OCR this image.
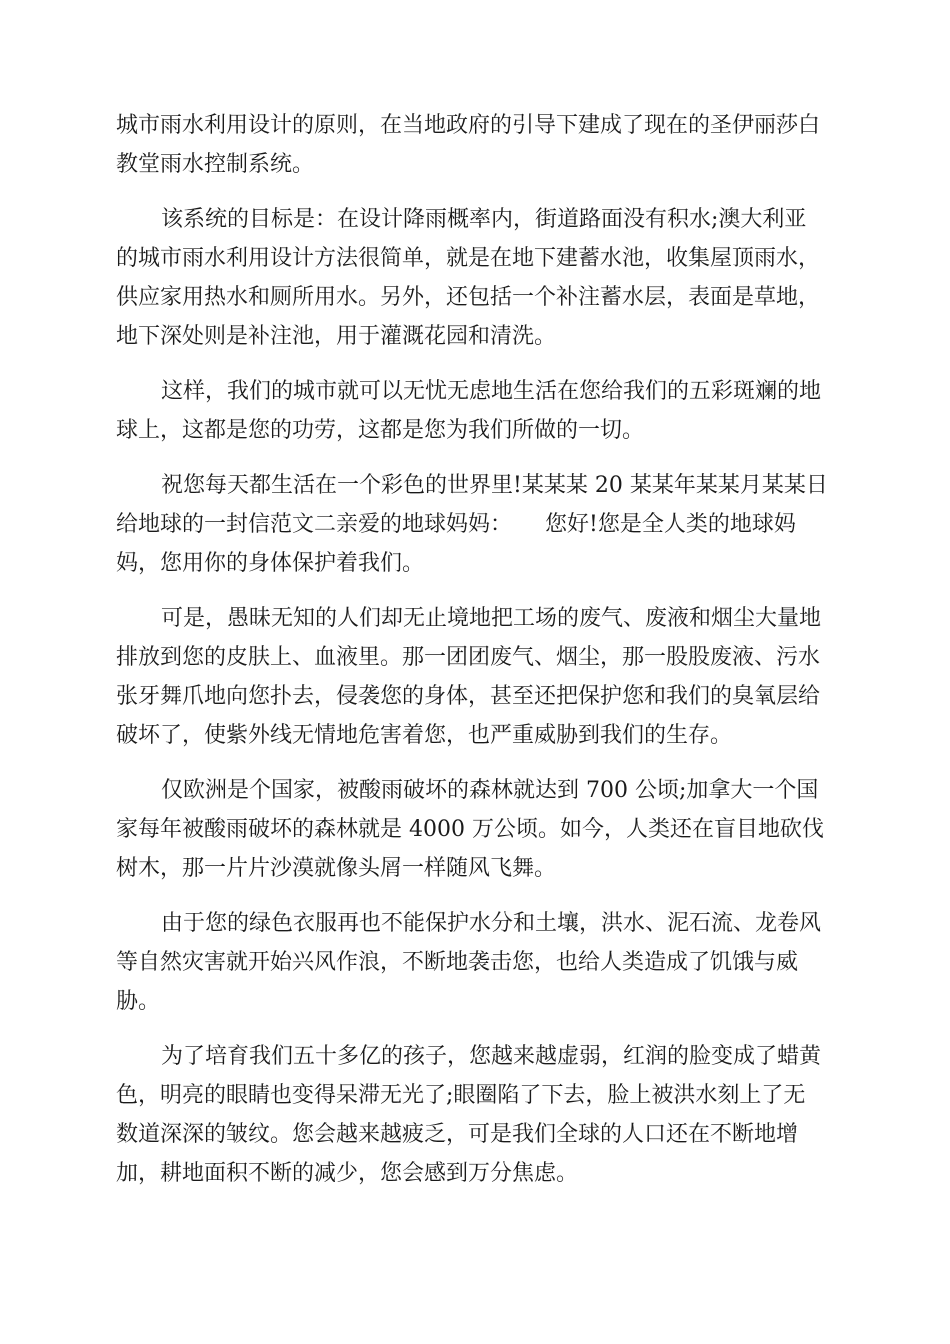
城市雨水利用设计的原则，在当地政府的引导下建成了现在的圣伊丽莎白
教堂雨水控制系统。

该系统的目标是：在设计降雨概率内，街道路面没有积水;澳大利亚
的城市雨水利用设计方法很简单，就是在地下建蓄水池，收集屋顶雨水，
供应家用热水和厕所用水。另外，还包括一个补注蓄水层，表面是草地，
地下深处则是补注池，用于灌溉花园和清洗。

这样，我们的城市就可以无忧无虑地生活在您给我们的五彩斑斓的地
球上，这都是您的功劳，这都是您为我们所做的一切。

祝您每天都生活在一个彩色的世界里!某某某 20 某某年某某月某某日
给地球的一封信范文二亲爱的地球妈妈：　　您好!您是全人类的地球妈
妈，您用你的身体保护着我们。

可是，愚昧无知的人们却无止境地把工场的废气、废液和烟尘大量地
排放到您的皮肤上、血液里。那一团团废气、烟尘，那一股股废液、污水
张牙舞爪地向您扑去，侵袭您的身体，甚至还把保护您和我们的臭氧层给
破坏了，使紫外线无情地危害着您，也严重威胁到我们的生存。

仅欧洲是个国家，被酸雨破坏的森林就达到 700 公顷;加拿大一个国
家每年被酸雨破坏的森林就是 4000 万公顷。如今，人类还在盲目地砍伐
树木，那一片片沙漠就像头屑一样随风飞舞。

由于您的绿色衣服再也不能保护水分和土壤，洪水、泥石流、龙卷风
等自然灾害就开始兴风作浪，不断地袭击您，也给人类造成了饥饿与威
胁。

为了培育我们五十多亿的孩子，您越来越虚弱，红润的脸变成了蜡黄
色，明亮的眼睛也变得呆滞无光了;眼圈陷了下去，脸上被洪水刻上了无
数道深深的皱纹。您会越来越疲乏，可是我们全球的人口还在不断地增
加，耕地面积不断的减少，您会感到万分焦虑。
